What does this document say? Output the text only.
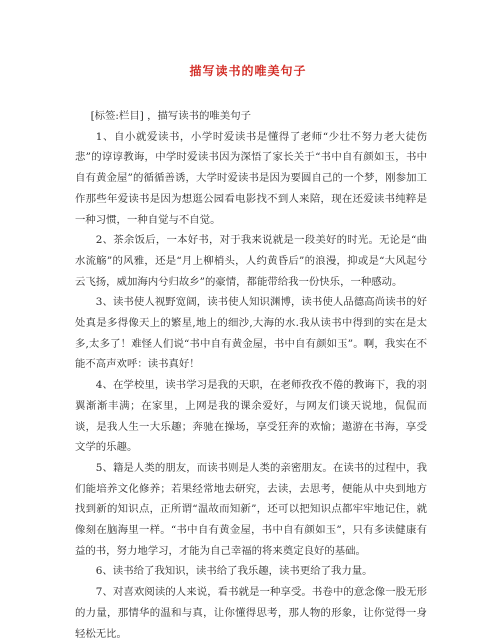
描写读书的唯美句子

[标签:栏目] ，描写读书的唯美句子

1、自小就爱读书，小学时爱读书是懂得了老师“少壮不努力老大徒伤悲”的谆谆教诲，中学时爱读书因为深悟了家长关于“书中自有颜如玉，书中自有黄金屋”的循循善诱，大学时爱读书是因为要圆自己的一个梦，刚参加工作那些年爱读书是因为想逛公园看电影找不到人来陪，现在还爱读书纯粹是一种习惯，一种自觉与不自觉。

2、茶余饭后，一本好书，对于我来说就是一段美好的时光。无论是“曲水流觞”的风雅，还是“月上柳梢头，人约黄昏后”的浪漫，抑或是“大风起兮云飞扬，威加海内兮归故乡”的豪情，都能带给我一份快乐，一种感动。

3、读书使人视野宽阔，读书使人知识渊博，读书使人品德高尚读书的好处真是多得像天上的繁星,地上的细沙,大海的水.我从读书中得到的实在是太多,太多了！难怪人们说“书中自有黄金屋，书中自有颜如玉”。啊，我实在不能不高声欢呼：读书真好！

4、在学校里，读书学习是我的天职，在老师孜孜不倦的教诲下，我的羽翼渐渐丰满；在家里，上网是我的课余爱好，与网友们谈天说地，侃侃而谈，是我人生一大乐趣；奔驰在操场，享受狂奔的欢愉；遨游在书海，享受文学的乐趣。

5、籍是人类的朋友，而读书则是人类的亲密朋友。在读书的过程中，我们能培养文化修养；若果经常地去研究，去读，去思考，便能从中央到地方找到新的知识点，正所谓“温故而知新”，还可以把知识点都牢牢地记住，就像刻在脑海里一样。“书中自有黄金屋，书中自有颜如玉”，只有多读健康有益的书，努力地学习，才能为自己幸福的将来奠定良好的基础。

6、读书给了我知识，读书给了我乐趣，读书更给了我力量。

7、对喜欢阅读的人来说，看书就是一种享受。书卷中的意念像一股无形的力量，那情华的温和与真，让你懂得思考，那人物的形象，让你觉得一身轻松无比。
